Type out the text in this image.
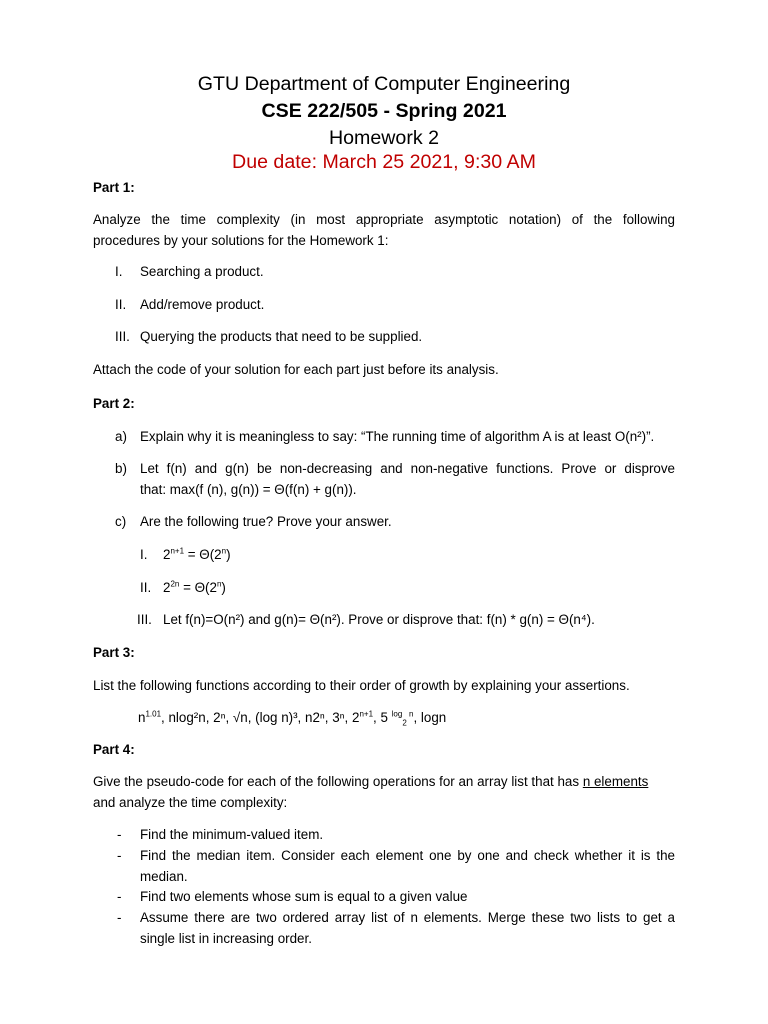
GTU Department of Computer Engineering
CSE 222/505 - Spring 2021
Homework 2
Due date: March 25 2021, 9:30 AM
Part 1:
Analyze the time complexity (in most appropriate asymptotic notation) of the following
procedures by your solutions for the Homework 1:
I. Searching a product.
II. Add/remove product.
III. Querying the products that need to be supplied.
Attach the code of your solution for each part just before its analysis.
Part 2:
a) Explain why it is meaningless to say: “The running time of algorithm A is at least O(n²)”.
b) Let f(n) and g(n) be non-decreasing and non-negative functions. Prove or disprove
that: max(f (n), g(n)) = Θ(f(n) + g(n)).
c) Are the following true? Prove your answer.
I. $2^{n+1} = \Theta(2^n)$
II. $2^{2n} = \Theta(2^n)$
III. Let f(n)=O(n²) and g(n)= Θ(n²). Prove or disprove that: f(n) * g(n) = Θ(n⁴).
Part 3:
List the following functions according to their order of growth by explaining your assertions.
$n^{1.01}$, nlog²n, 2ⁿ, √n, (log n)³, n2ⁿ, 3ⁿ, $2^{n+1}$, 5 $^{log}_2$ $^n$, logn
Part 4:
Give the pseudo-code for each of the following operations for an array list that has n elements
and analyze the time complexity:
- Find the minimum-valued item.
- Find the median item. Consider each element one by one and check whether it is the
median.
- Find two elements whose sum is equal to a given value
- Assume there are two ordered array list of n elements. Merge these two lists to get a
single list in increasing order.
